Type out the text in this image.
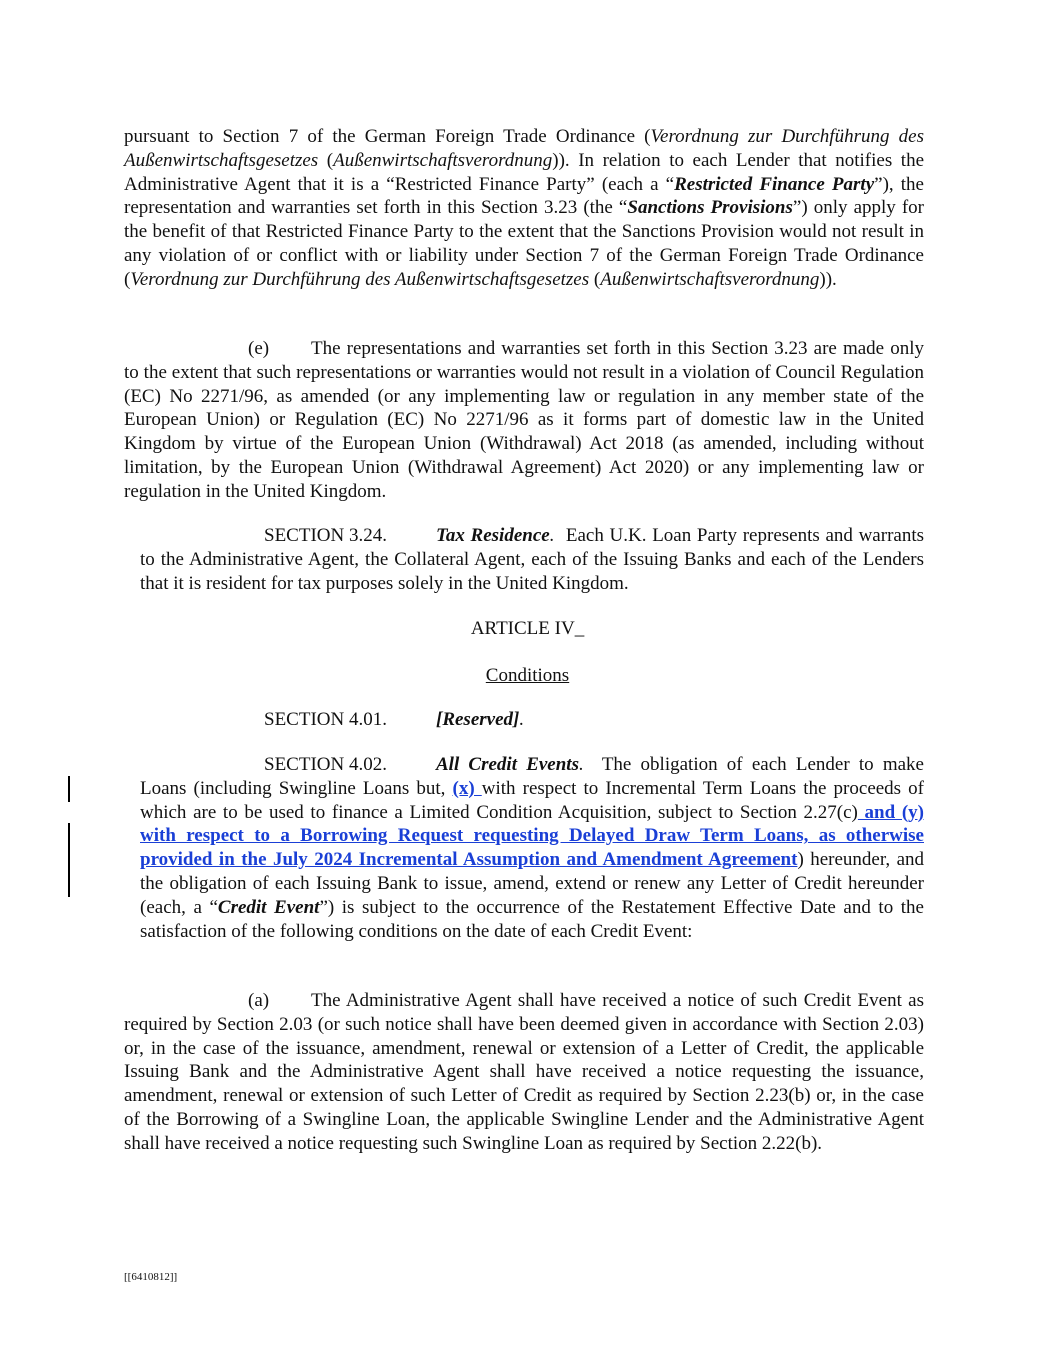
pursuant to Section 7 of the German Foreign Trade Ordinance (Verordnung zur Durchführung des Außenwirtschaftsgesetzes (Außenwirtschaftsverordnung)). In relation to each Lender that notifies the Administrative Agent that it is a “Restricted Finance Party” (each a “Restricted Finance Party”), the representation and warranties set forth in this Section 3.23 (the “Sanctions Provisions”) only apply for the benefit of that Restricted Finance Party to the extent that the Sanctions Provision would not result in any violation of or conflict with or liability under Section 7 of the German Foreign Trade Ordinance (Verordnung zur Durchführung des Außenwirtschaftsgesetzes (Außenwirtschaftsverordnung)).

(e) The representations and warranties set forth in this Section 3.23 are made only to the extent that such representations or warranties would not result in a violation of Council Regulation (EC) No 2271/96, as amended (or any implementing law or regulation in any member state of the European Union) or Regulation (EC) No 2271/96 as it forms part of domestic law in the United Kingdom by virtue of the European Union (Withdrawal) Act 2018 (as amended, including without limitation, by the European Union (Withdrawal Agreement) Act 2020) or any implementing law or regulation in the United Kingdom.

SECTION 3.24.	Tax Residence. Each U.K. Loan Party represents and warrants to the Administrative Agent, the Collateral Agent, each of the Issuing Banks and each of the Lenders that it is resident for tax purposes solely in the United Kingdom.

ARTICLE IV_
Conditions

SECTION 4.01.	[Reserved].

SECTION 4.02.	All Credit Events. The obligation of each Lender to make Loans (including Swingline Loans but, (x) with respect to Incremental Term Loans the proceeds of which are to be used to finance a Limited Condition Acquisition, subject to Section 2.27(c) and (y) with respect to a Borrowing Request requesting Delayed Draw Term Loans, as otherwise provided in the July 2024 Incremental Assumption and Amendment Agreement) hereunder, and the obligation of each Issuing Bank to issue, amend, extend or renew any Letter of Credit hereunder (each, a “Credit Event”) is subject to the occurrence of the Restatement Effective Date and to the satisfaction of the following conditions on the date of each Credit Event:

(a) The Administrative Agent shall have received a notice of such Credit Event as required by Section 2.03 (or such notice shall have been deemed given in accordance with Section 2.03) or, in the case of the issuance, amendment, renewal or extension of a Letter of Credit, the applicable Issuing Bank and the Administrative Agent shall have received a notice requesting the issuance, amendment, renewal or extension of such Letter of Credit as required by Section 2.23(b) or, in the case of the Borrowing of a Swingline Loan, the applicable Swingline Lender and the Administrative Agent shall have received a notice requesting such Swingline Loan as required by Section 2.22(b).

[[6410812]]
